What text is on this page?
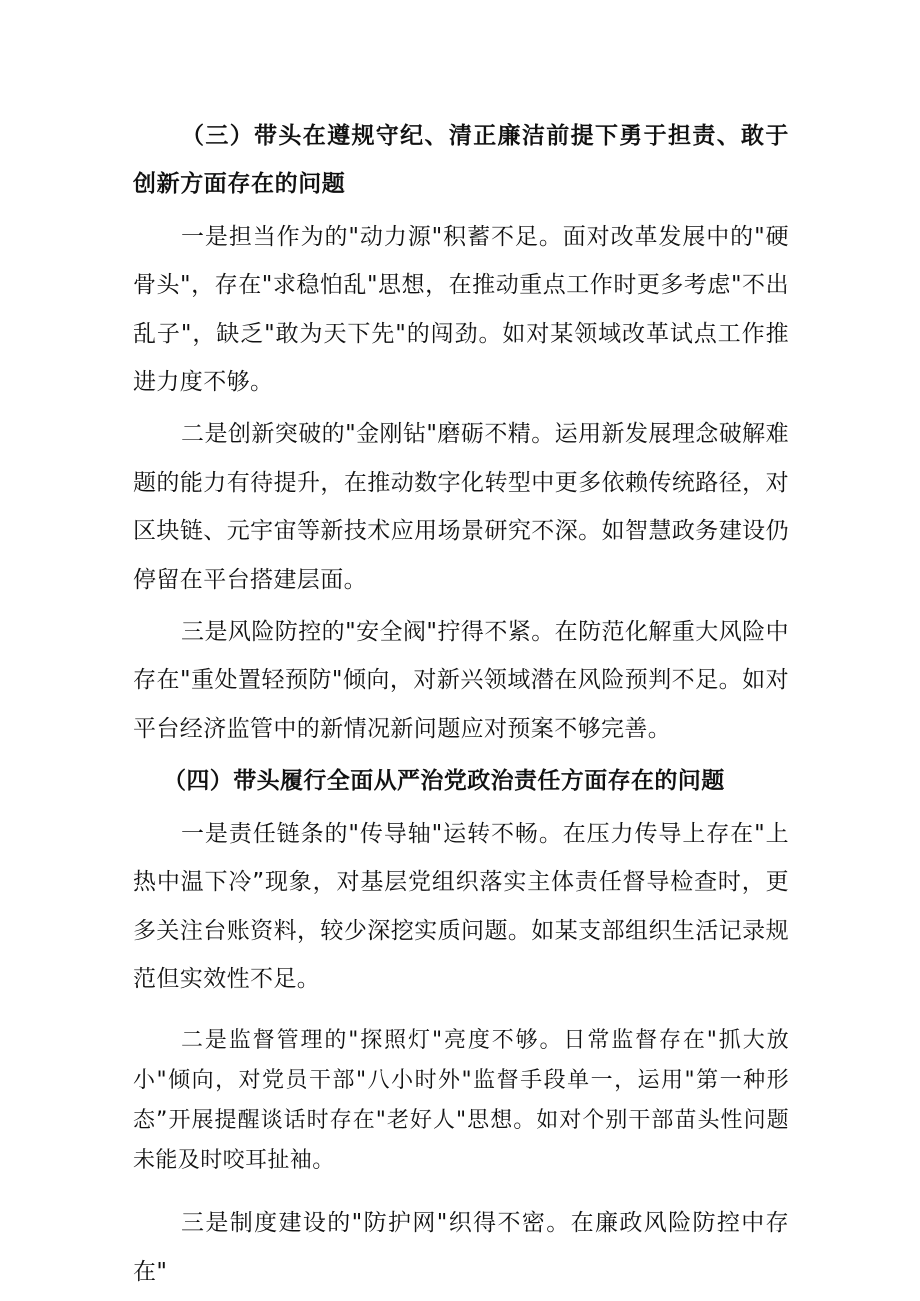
（三）带头在遵规守纪、清正廉洁前提下勇于担责、敢于创新方面存在的问题

一是担当作为的"动力源"积蓄不足。面对改革发展中的"硬骨头"，存在"求稳怕乱"思想，在推动重点工作时更多考虑"不出乱子"，缺乏"敢为天下先"的闯劲。如对某领域改革试点工作推进力度不够。

二是创新突破的"金刚钻"磨砺不精。运用新发展理念破解难题的能力有待提升，在推动数字化转型中更多依赖传统路径，对区块链、元宇宙等新技术应用场景研究不深。如智慧政务建设仍停留在平台搭建层面。

三是风险防控的"安全阀"拧得不紧。在防范化解重大风险中存在"重处置轻预防"倾向，对新兴领域潜在风险预判不足。如对平台经济监管中的新情况新问题应对预案不够完善。

（四）带头履行全面从严治党政治责任方面存在的问题

一是责任链条的"传导轴"运转不畅。在压力传导上存在"上热中温下冷”现象，对基层党组织落实主体责任督导检查时，更多关注台账资料，较少深挖实质问题。如某支部组织生活记录规范但实效性不足。

二是监督管理的"探照灯"亮度不够。日常监督存在"抓大放小"倾向，对党员干部"八小时外"监督手段单一，运用"第一种形态”开展提醒谈话时存在"老好人"思想。如对个别干部苗头性问题未能及时咬耳扯袖。

三是制度建设的"防护网"织得不密。在廉政风险防控中存在"
